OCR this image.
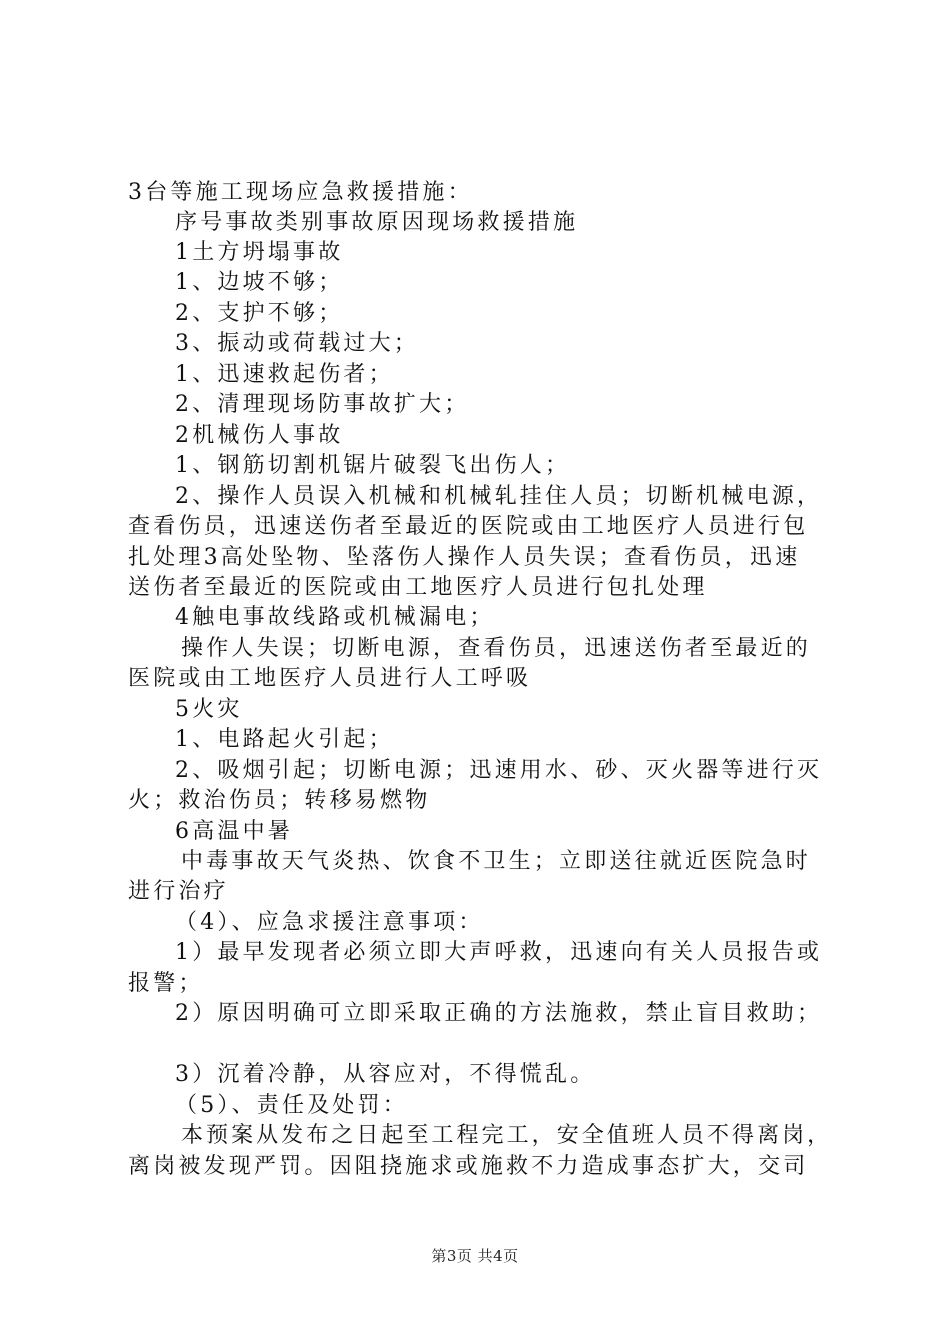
3台等施工现场应急救援措施：
序号事故类别事故原因现场救援措施
1土方坍塌事故
1、边坡不够；
2、支护不够；
3、振动或荷载过大；
1、迅速救起伤者；
2、清理现场防事故扩大；
2机械伤人事故
1、钢筋切割机锯片破裂飞出伤人；
2、操作人员误入机械和机械轧挂住人员；切断机械电源，
查看伤员，迅速送伤者至最近的医院或由工地医疗人员进行包
扎处理3高处坠物、坠落伤人操作人员失误；查看伤员，迅速
送伤者至最近的医院或由工地医疗人员进行包扎处理
4触电事故线路或机械漏电；
操作人失误；切断电源，查看伤员，迅速送伤者至最近的
医院或由工地医疗人员进行人工呼吸
5火灾
1、电路起火引起；
2、吸烟引起；切断电源；迅速用水、砂、灭火器等进行灭
火；救治伤员；转移易燃物
6高温中暑
中毒事故天气炎热、饮食不卫生；立即送往就近医院急时
进行治疗
（4）、应急求援注意事项：
1）最早发现者必须立即大声呼救，迅速向有关人员报告或
报警；
2）原因明确可立即采取正确的方法施救，禁止盲目救助；
3）沉着冷静，从容应对，不得慌乱。
（5）、责任及处罚：
本预案从发布之日起至工程完工，安全值班人员不得离岗，
离岗被发现严罚。因阻挠施求或施救不力造成事态扩大，交司
第3页 共4页
